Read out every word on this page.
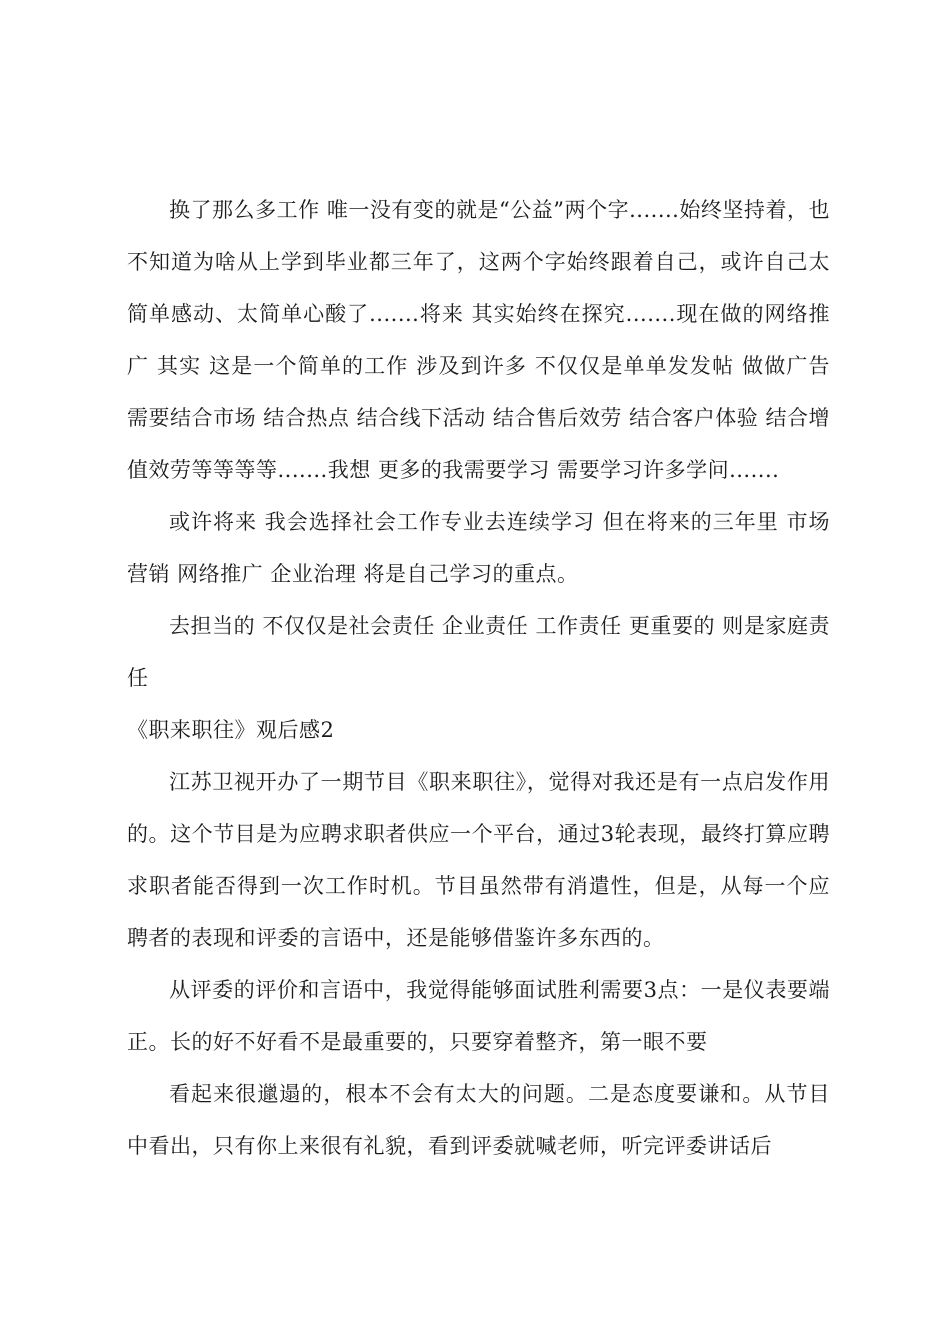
换了那么多工作 唯一没有变的就是“公益”两个字.......始终坚持着，也不知道为啥从上学到毕业都三年了，这两个字始终跟着自己，或许自己太简单感动、太简单心酸了.......将来 其实始终在探究.......现在做的网络推广 其实 这是一个简单的工作 涉及到许多 不仅仅是单单发发帖 做做广告 需要结合市场 结合热点 结合线下活动 结合售后效劳 结合客户体验 结合增值效劳等等等等.......我想 更多的我需要学习 需要学习许多学问.......

或许将来 我会选择社会工作专业去连续学习 但在将来的三年里 市场营销 网络推广 企业治理 将是自己学习的重点。

去担当的 不仅仅是社会责任 企业责任 工作责任 更重要的 则是家庭责任

《职来职往》观后感2

江苏卫视开办了一期节目《职来职往》，觉得对我还是有一点启发作用的。这个节目是为应聘求职者供应一个平台，通过3轮表现，最终打算应聘求职者能否得到一次工作时机。节目虽然带有消遣性，但是，从每一个应聘者的表现和评委的言语中，还是能够借鉴许多东西的。

从评委的评价和言语中，我觉得能够面试胜利需要3点：一是仪表要端正。长的好不好看不是最重要的，只要穿着整齐，第一眼不要

看起来很邋遢的，根本不会有太大的问题。二是态度要谦和。从节目中看出，只有你上来很有礼貌，看到评委就喊老师，听完评委讲话后
